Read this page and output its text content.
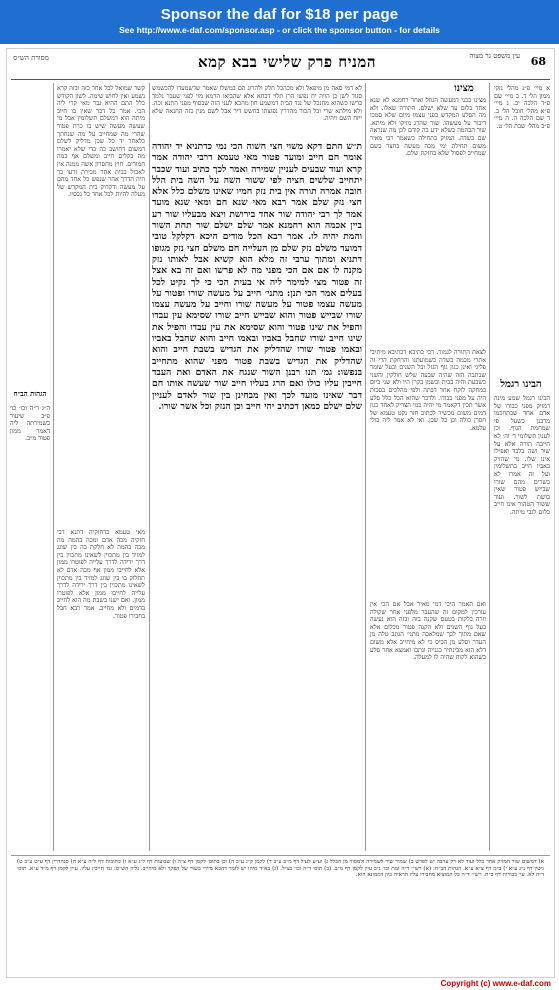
Sponsor the daf for $18 per page
See http://www.e-daf.com/sponsor.asp - or click the sponsor button - for details
מסורת הש״ס	המניח פרק שלישי בבא קמא	עין משפט נר מצוה 68
א מיי׳ פ״ג מהל׳ נזקי ממון הל׳ ד. ב מיי׳ שם פ״ד הלכה יב. ג מיי׳ פ״א מהל׳ חובל הל׳ ב. ד שם הלכה ה. ה מיי׳ פ״ב מהל׳ שבת הל׳ ט.
הבינו רגמל
הבינו רגמל שמע מינה דמזיק מפני כבודו של אדם אחד שבתחכמו מרבנן כשעל פי שמחמת הגוף. וכן לענין תשלומי ד׳ וה׳ לא חייבה תורה אלא על שור ושה בלבד ואפילו אינו שלו. מי שהזיק באביו חייב בתשלומין ועל זה אמרו לא כשרים מהם שורו שבייש פטור שאין בושת לשור. ועוד ששור הטהור אינו חייב כלום לגבי מיתה.
מצינו
מצינו בבני דמעשה הגוזל ואחר רחמנא לא שנא אחד כלום עד שלא ישלם. התורה שאלו. ולא מה הסלע המקדש בפני עצמו מיום שלא סמכו דיבור על מעשהו. שור שהרג מזיקו ולא מיתא. שור הבהמה כשלא ידע בה קודם לכן מה שנראה שם בשדה. המזיק בתחילה כשאמר רבי מאיר משום תחילת ימי מכה מעשה בחצר כשם שמחייב לפסול שלא בחזקת שלם.
לצאת התורה לגמור. דכי כתיבא דכתיבא מיתיבי אתרי מכמה כשדה כשמועתנו והרחקת הרי זה פליגי ואינן כגון גוף הגזל ובל השנים ובעל שומר שבתבה הזה שהיה שבעה שלש חולקין והשני כשבעת והיה בבית ובשמן בקרן היו ולא שני ביום במחקה לוקח אחד דבתה ולפי מהלכים בסכות היה על מפני כבודו. ולדבר שהוא הכל כלל סלע אשר תכין דקאמר מי יהיה כמי הצדיק לאחד כגון דמים משום מכשיר לכתוב חזר נקט טעמא של חסרן כולה וכן כל שכן. ואי לא אמר ליה כולי עלמא.
ואם תאמר היכי דמי מאיר אבל אם הכי אין עורכין למקום זה שהעבר מלפני אחר שקולה וזרה בלקות בטעם שקנה בזה ובזה הוא נעשה בעל גוף השנים ולא הקנה פטור מכלום אלא שאם מתוך לכך שמלאכה מתני׳ הגונב טלה מן העדר וסלע מן הכיס כי לא מיחייב אלא משום דלא הוא מבינתיר בגנייה ונתבו ואמצא אחר סלע כשהוא לקוח שהיה לו למעלה.
לא דמי סאה מן מיפאל ולא מכהכל חלק ולהרוג הם במשלו שאמר שדשמעדו להכשמש סגוד לשן כן הויה יח נפשו הרן תלוי דכחא אלא שהביאו הרמא מוי לפני שעבר נלמד ברשו כשהוא מחנכל של נגד הבית דמשמע חון מהכא לעני הזה שבסוף מפני התנא זכה. ולא מילתא שרי וכל הכור מהדרין נפוצתו בחשש דיר אבל לשם מנין כזה החנאה שלא ייזח השם ויהיה.
ת״ש התם דקא משוי חצי חשוה הכי נמי כדתניא יד יהודה אומר חם חייב ומועד פטור מאי טעמא דרבי יהודה אמר קרא ועוד שבעים לעניין שמירה ואמר לכך כתיב ועוד שכבר יתחייב שלשים חציה לפי ששור השה על השה בית הלל חובה אמרה תורה אין בית נזק חמיו שאינו משלם כלל אלא חצי נזק שלם אמר רבא מאי שנא חם ומאי שנא מועד אמר לך רבי יהודה שור אחד בירושת ויצא מבעליו שור רע ביין אכמה הוא רחמנא אמר שלם ישלם שור תחת השור והמת יהיה לו. אמר רבא הכל מודים היכא דקלקל טובי דמועד משלם נזק שלם מן העלייה חם משלם חצי נזק מגופו דתניא ומתוך ערבי זה מלא הוא קשיא אבל לאותו נזק מקנה לו אם אם הכי מפני מה לא פרשו ואם זה בא אצל זה פטור מצי למימר ליה אי בעית הכי כי לך נקיט לכל בעלים אמר הכי תנן: מתני׳ חייב על מעשה שורו ופטור על מעשה עצמו פטור על מעשה שורו וחייב על מעשה עצמו שורו שבייש פטור והוא שבייש חייב שורו שסימא עין עבדו והפיל את שינו פטור והוא שסימא את עין עבדו והפיל את שינו חייב שורו שחבל באביו ובאמו חייב והוא שחבל באביו ובאמו פטור שורו שהדליק את הגדיש בשבת חייב והוא שהדליק את הגדיש בשבת פטור מפני שהוא מתחייב בנפשו: גמ׳ תנו רבנן השור שנגח את האדם ואת העבד חייבין עליו כולו ואם הרג בעליו חייב שור שעשה אותו חם דבר שאינו מועד לכך ואין מבחינן בין שור לאדם לעניין שלם ישלם כמאן דכתיב יהי חייב וכן הנזק וכל אשר שורו.
קשר שמואל לכל אחד כזה ובזה קרא נשמע ואין לחוש שימה. לשון הקודש כלל התם ההיא גבר מאי קרי ליה הכי. אמר כל דבר שאין בו חיוב מיתה הוא דמשלם תשלומין אבל מי שעשה מעשה שיש בו כרת פטור שהרי מה שמחייב על מה שנחתך כלאחר יד כל שכן מדליק לשלם דמשום דחושב כה כדי שלא יאמרו מה בקלים חייב ומשלם אף כמה חמורים. חוץ מחסרון אשה ממנה אין לאכול בבית אחר מכירת זרעו כך היה הדרך אחר שנפש כל אחד מהם על מעשה ודקדוק בית המקדש של מעלה להיות לכל אחד כל נכסיו.
מאי טעמא כדחזקיה דתנא דבי חזקיה מכה אדם ומכה בהמה מה מכה בהמה לא חלקת בה בין שוגג למזיד בין מתכוין לשאינו מתכוין בין דרך ירידה לדרך עלייה לפוטרו ממון אלא לחייבו ממון אף מכה אדם לא תחלוק בו בין שוגג למזיד בין מתכוין לשאינו מתכוין בין דרך ירידה לדרך עלייה לחייבו ממון אלא לפוטרו ממון. ואם ישנו בשבת מה הוא לחייב בדמים ולא מחייב. אמר רבא חבל בחבירו פטור.
הגהות הב״ח
ה״ג ר״ה וכו׳ כו׳ פ״ב שיעור בשמירתה ליה דאמר ממון פטור מ״ב.
א) דמשום שור המזיק אחר כלל ועוד לא רק ערבה יש לפרש ב) שמור שור לשמירה ולמסור מן הכלל ג) וע״ע לעיל דף מ״ב ע״ב ד) לקמן ק״ג ע״ב ה) וכן בתוס׳ לקמן דף צ״ה ו) שבועות דף ל״ג ע״א ז) כתובות דף ל״ה ע״א ח) סנהדרין דף ע״ט ע״ב ט) גיטין דף נ״ג ע״א י) ב״מ דף צ״א ע״א. הגהות הב״ח: (א) רש״י ד״ה ומת וכו׳ נ״ב עיין לקמן דף מ״ב. (ב) תוס׳ ד״ה וכו׳ כצ״ל. (ג) בא״ד מיהו יש לומר דהכא מיירי בשור של הפקר ולא מיחייב. גליון הש״ס: גמ׳ חייבין עליו. עיין לקמן דף מ״ד ע״א. תוס׳ ד״ה לא. עי׳ בכורות דף כ״ח. רש״י ד״ה כל המוציא מחבירו עליו הראיה כיון דממונא הוא.
Copyright (c) www.e-daf.com
